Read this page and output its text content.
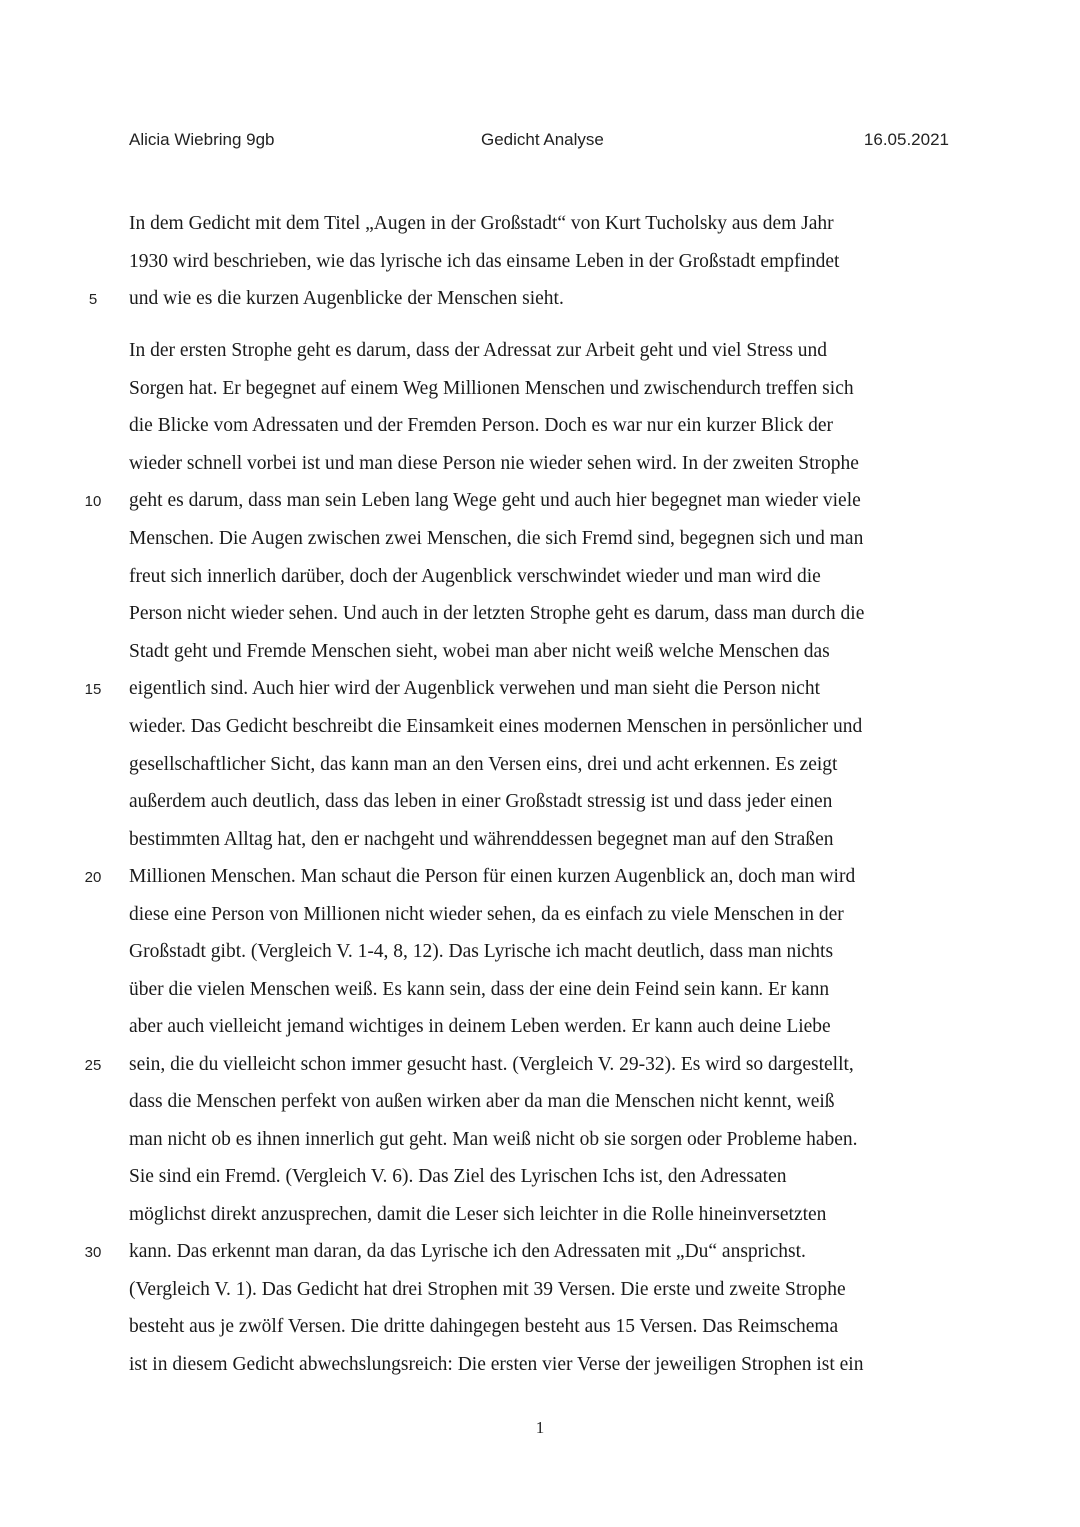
Alicia Wiebring 9gb	Gedicht Analyse	16.05.2021
5
10
15
20
25
30
In dem Gedicht mit dem Titel „Augen in der Großstadt“ von Kurt Tucholsky aus dem Jahr
1930 wird beschrieben, wie das lyrische ich das einsame Leben in der Großstadt empfindet
und wie es die kurzen Augenblicke der Menschen sieht.
In der ersten Strophe geht es darum, dass der Adressat zur Arbeit geht und viel Stress und
Sorgen hat. Er begegnet auf einem Weg Millionen Menschen und zwischendurch treffen sich
die Blicke vom Adressaten und der Fremden Person. Doch es war nur ein kurzer Blick der
wieder schnell vorbei ist und man diese Person nie wieder sehen wird. In der zweiten Strophe
geht es darum, dass man sein Leben lang Wege geht und auch hier begegnet man wieder viele
Menschen. Die Augen zwischen zwei Menschen, die sich Fremd sind, begegnen sich und man
freut sich innerlich darüber, doch der Augenblick verschwindet wieder und man wird die
Person nicht wieder sehen. Und auch in der letzten Strophe geht es darum, dass man durch die
Stadt geht und Fremde Menschen sieht, wobei man aber nicht weiß welche Menschen das
eigentlich sind. Auch hier wird der Augenblick verwehen und man sieht die Person nicht
wieder. Das Gedicht beschreibt die Einsamkeit eines modernen Menschen in persönlicher und
gesellschaftlicher Sicht, das kann man an den Versen eins, drei und acht erkennen. Es zeigt
außerdem auch deutlich, dass das leben in einer Großstadt stressig ist und dass jeder einen
bestimmten Alltag hat, den er nachgeht und währenddessen begegnet man auf den Straßen
Millionen Menschen. Man schaut die Person für einen kurzen Augenblick an, doch man wird
diese eine Person von Millionen nicht wieder sehen, da es einfach zu viele Menschen in der
Großstadt gibt. (Vergleich V. 1-4, 8, 12). Das Lyrische ich macht deutlich, dass man nichts
über die vielen Menschen weiß. Es kann sein, dass der eine dein Feind sein kann. Er kann
aber auch vielleicht jemand wichtiges in deinem Leben werden. Er kann auch deine Liebe
sein, die du vielleicht schon immer gesucht hast. (Vergleich V. 29-32). Es wird so dargestellt,
dass die Menschen perfekt von außen wirken aber da man die Menschen nicht kennt, weiß
man nicht ob es ihnen innerlich gut geht. Man weiß nicht ob sie sorgen oder Probleme haben.
Sie sind ein Fremd. (Vergleich V. 6). Das Ziel des Lyrischen Ichs ist, den Adressaten
möglichst direkt anzusprechen, damit die Leser sich leichter in die Rolle hineinversetzten
kann. Das erkennt man daran, da das Lyrische ich den Adressaten mit „Du“ ansprichst.
(Vergleich V. 1). Das Gedicht hat drei Strophen mit 39 Versen. Die erste und zweite Strophe
besteht aus je zwölf Versen. Die dritte dahingegen besteht aus 15 Versen. Das Reimschema
ist in diesem Gedicht abwechslungsreich: Die ersten vier Verse der jeweiligen Strophen ist ein
1
